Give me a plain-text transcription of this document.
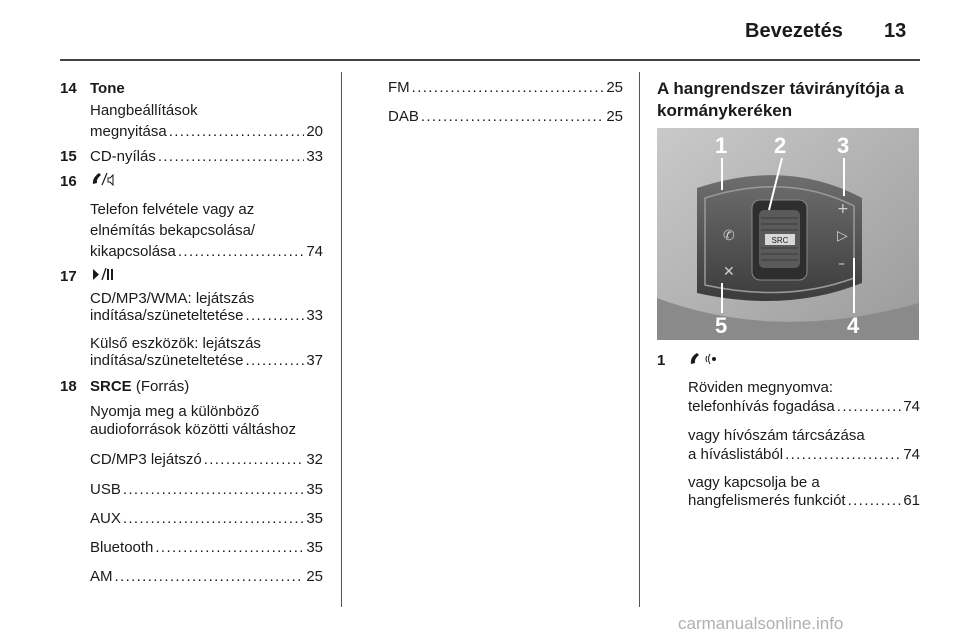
Bevezetés 13
14 Tone
Hangbeállítások
megnyitása . . .	20
15 CD-nyílás . . .	33
16
Telefon felvétele vagy az
elnémítás bekapcsolása/
kikapcsolása . . .	74
17
CD/MP3/WMA: lejátszás
indítása/szüneteltetése . . .	33
Külső eszközök: lejátszás
indítása/szüneteltetése . . .	37
18 SRCE (Forrás)
Nyomja meg a különböző
audioforrások közötti váltáshoz
CD/MP3 lejátszó . . .	32
USB . . .	35
AUX . . .	35
Bluetooth . . .	35
AM . . .	25
FM . . .	25
DAB . . .	25
A hangrendszer távirányítója a
kormánykeréken
SRC
✆
✕
+
▷
–
1 2 3
4
5
1
Röviden megnyomva:
telefonhívás fogadása . . .	74
vagy hívószám tárcsázása
a híváslistából . . .	74
vagy kapcsolja be a
hangfelismerés funkciót . . .	61
carmanualsonline.info
